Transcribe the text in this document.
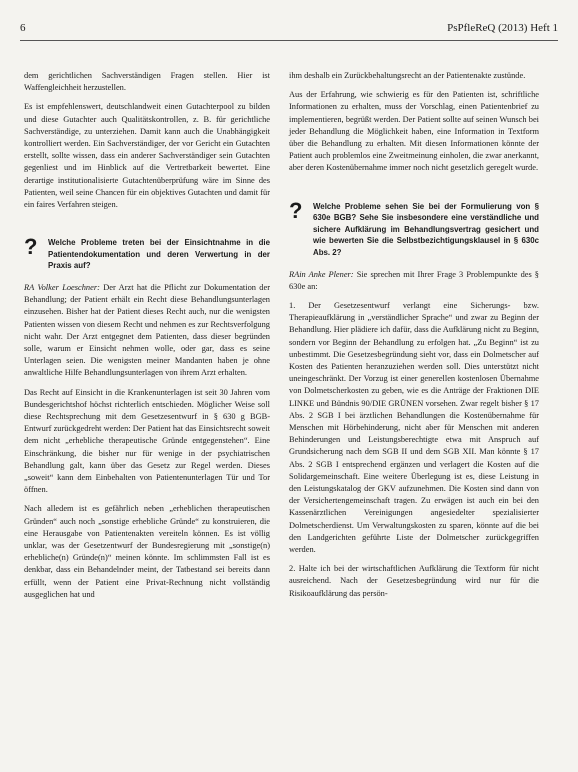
6	PsPfleReQ (2013) Heft 1

dem gerichtlichen Sachverständigen Fragen stellen. Hier ist Waffengleichheit herzustellen.

Es ist empfehlenswert, deutschlandweit einen Gutachterpool zu bilden und diese Gutachter auch Qualitätskontrollen, z. B. für gerichtliche Sachverständige, zu unterziehen. Damit kann auch die Unabhängigkeit kontrolliert werden. Ein Sachverständiger, der vor Gericht ein Gutachten erstellt, sollte wissen, dass ein anderer Sachverständiger sein Gutachten gegenliest und im Hinblick auf die Vertretbarkeit bewertet. Eine derartige institutionalisierte Gutachtenüberprüfung wäre im Sinne des Patienten, weil seine Chancen für ein objektives Gutachten und damit für ein faires Verfahren steigen.

? Welche Probleme treten bei der Einsichtnahme in die Patientendokumentation und deren Verwertung in der Praxis auf?

RA Volker Loeschner: Der Arzt hat die Pflicht zur Dokumentation der Behandlung; der Patient erhält ein Recht diese Behandlungsunterlagen einzusehen. Bisher hat der Patient dieses Recht auch, nur die wenigsten Patienten wissen von diesem Recht und nehmen es zur Rechtsverfolgung nicht wahr. Der Arzt entgegnet dem Patienten, dass dieser begründen solle, warum er Einsicht nehmen wolle, oder gar, dass es seine Unterlagen seien. Die wenigsten meiner Mandanten haben je ohne anwaltliche Hilfe Behandlungsunterlagen von ihrem Arzt erhalten.

Das Recht auf Einsicht in die Krankenunterlagen ist seit 30 Jahren vom Bundesgerichtshof höchst richterlich entschieden. Möglicher Weise soll diese Rechtsprechung mit dem Gesetzesentwurf in § 630 g BGB-Entwurf zurückgedreht werden: Der Patient hat das Einsichtsrecht soweit dem nicht „erhebliche therapeutische Gründe entgegenstehen“. Eine Einschränkung, die bisher nur für wenige in der psychiatrischen Behandlung galt, kann über das Gesetz zur Regel werden. Dieses „soweit“ kann dem Einbehalten von Patientenunterlagen Tür und Tor öffnen.

Nach alledem ist es gefährlich neben „erheblichen therapeutischen Gründen“ auch noch „sonstige erhebliche Gründe“ zu konstruieren, die eine Herausgabe von Patientenakten vereiteln können. Es ist völlig unklar, was der Gesetzentwurf der Bundesregierung mit „sonstige(n) erhebliche(n) Gründe(n)“ meinen könnte. Im schlimmsten Fall ist es denkbar, dass ein Behandelnder meint, der Tatbestand sei bereits dann erfüllt, wenn der Patient eine Privat-Rechnung nicht vollständig ausgeglichen hat und

ihm deshalb ein Zurückbehaltungsrecht an der Patientenakte zustünde.

Aus der Erfahrung, wie schwierig es für den Patienten ist, schriftliche Informationen zu erhalten, muss der Vorschlag, einen Patientenbrief zu implementieren, begrüßt werden. Der Patient sollte auf seinen Wunsch bei jeder Behandlung die Möglichkeit haben, eine Information in Textform über die Behandlung zu erhalten. Mit diesen Informationen könnte der Patient auch problemlos eine Zweitmeinung einholen, die zwar anerkannt, aber deren Kostenübernahme immer noch nicht gesetzlich geregelt wurde.

? Welche Probleme sehen Sie bei der Formulierung von § 630e BGB? Sehe Sie insbesondere eine verständliche und sichere Aufklärung im Behandlungsvertrag gesichert und wie bewerten Sie die Selbstbezichtigungsklausel in § 630c Abs. 2?

RAin Anke Plener: Sie sprechen mit Ihrer Frage 3 Problempunkte des § 630e an:

1. Der Gesetzesentwurf verlangt eine Sicherungs- bzw. Therapieaufklärung in „verständlicher Sprache“ und zwar zu Beginn der Behandlung. Hier plädiere ich dafür, dass die Aufklärung nicht zu Beginn, sondern vor Beginn der Behandlung zu erfolgen hat. „Zu Beginn“ ist zu unbestimmt. Die Gesetzesbegründung sieht vor, dass ein Dolmetscher auf Kosten des Patienten heranzuziehen werden soll. Dies unterstützt nicht uneingeschränkt. Der Vorzug ist einer generellen kostenlosen Übernahme von Dolmetscherkosten zu geben, wie es die Anträge der Fraktionen DIE LINKE und Bündnis 90/DIE GRÜNEN vorsehen. Zwar regelt bisher § 17 Abs. 2 SGB I bei ärztlichen Behandlungen die Kostenübernahme für Menschen mit Hörbehinderung, nicht aber für Menschen mit anderen Behinderungen und Leistungsberechtigte etwa mit Anspruch auf Grundsicherung nach dem SGB II und dem SGB XII. Man könnte § 17 Abs. 2 SGB I entsprechend ergänzen und verlagert die Kosten auf die Solidargemeinschaft. Eine weitere Überlegung ist es, diese Leistung in den Leistungskatalog der GKV aufzunehmen. Die Kosten sind dann von der Versichertengemeinschaft tragen. Zu erwägen ist auch ein bei den Kassenärztlichen Vereinigungen angesiedelter spezialisierter Dolmetscherdienst. Um Verwaltungskosten zu sparen, könnte auf die bei den Landgerichten geführte Liste der Dolmetscher zurückgegriffen werden.

2. Halte ich bei der wirtschaftlichen Aufklärung die Textform für nicht ausreichend. Nach der Gesetzesbegründung wird nur für die Risikoaufklärung das persön-
